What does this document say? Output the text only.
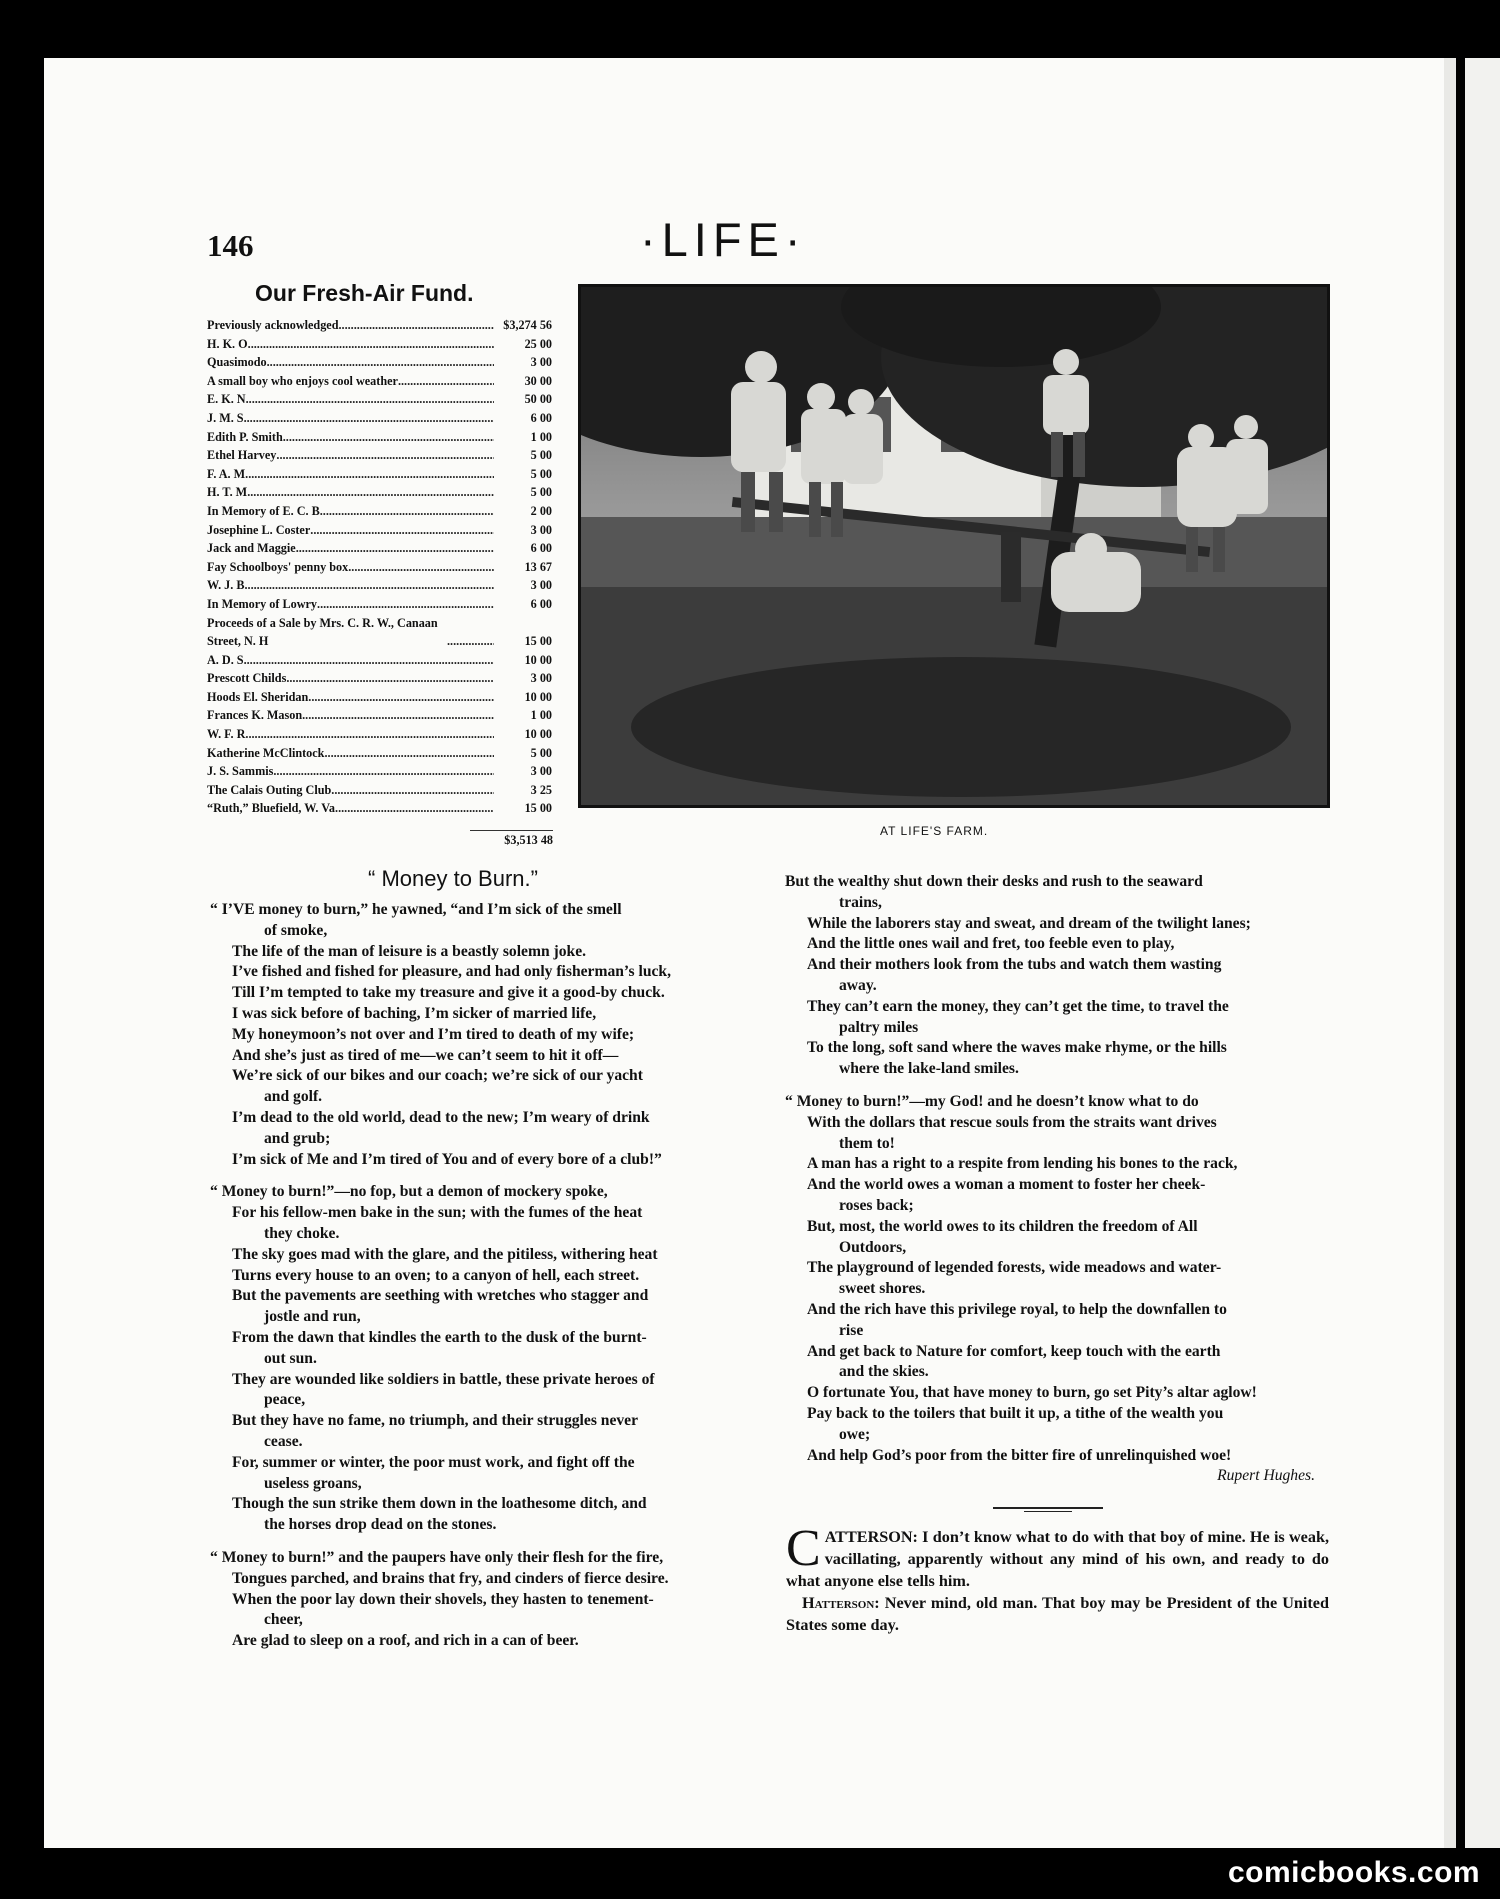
146	·LIFE·
Our Fresh-Air Fund.
Previously acknowledged .....	$3,274 56
H. K. O .....	25 00
Quasimodo .....	3 00
A small boy who enjoys cool weather .....	30 00
E. K. N .....	50 00
J. M. S .....	6 00
Edith P. Smith .....	1 00
Ethel Harvey .....	5 00
F. A. M .....	5 00
H. T. M .....	5 00
In Memory of E. C. B .....	2 00
Josephine L. Coster .....	3 00
Jack and Maggie .....	6 00
Fay Schoolboys' penny box .....	13 67
W. J. B .....	3 00
In Memory of Lowry .....	6 00
Proceeds of a Sale by Mrs. C. R. W., Canaan Street, N. H .....	15 00
A. D. S .....	10 00
Prescott Childs .....	3 00
Hoods El. Sheridan .....	10 00
Frances K. Mason .....	1 00
W. F. R .....	10 00
Katherine McClintock .....	5 00
J. S. Sammis .....	3 00
The Calais Outing Club .....	3 25
“Ruth,” Bluefield, W. Va .....	15 00
$3,513 48
AT LIFE'S FARM.
“ Money to Burn.”
“ I’VE money to burn,” he yawned, “and I’m sick of the smell
of smoke,
The life of the man of leisure is a beastly solemn joke.
I’ve fished and fished for pleasure, and had only fisherman’s luck,
Till I’m tempted to take my treasure and give it a good-by chuck.
I was sick before of baching, I’m sicker of married life,
My honeymoon’s not over and I’m tired to death of my wife;
And she’s just as tired of me—we can’t seem to hit it off—
We’re sick of our bikes and our coach; we’re sick of our yacht
and golf.
I’m dead to the old world, dead to the new; I’m weary of drink
and grub;
I’m sick of Me and I’m tired of You and of every bore of a club!”
“ Money to burn!”—no fop, but a demon of mockery spoke,
For his fellow-men bake in the sun; with the fumes of the heat
they choke.
The sky goes mad with the glare, and the pitiless, withering heat
Turns every house to an oven; to a canyon of hell, each street.
But the pavements are seething with wretches who stagger and
jostle and run,
From the dawn that kindles the earth to the dusk of the burnt-
out sun.
They are wounded like soldiers in battle, these private heroes of
peace,
But they have no fame, no triumph, and their struggles never
cease.
For, summer or winter, the poor must work, and fight off the
useless groans,
Though the sun strike them down in the loathesome ditch, and
the horses drop dead on the stones.
“ Money to burn!” and the paupers have only their flesh for the fire,
Tongues parched, and brains that fry, and cinders of fierce desire.
When the poor lay down their shovels, they hasten to tenement-
cheer,
Are glad to sleep on a roof, and rich in a can of beer.
But the wealthy shut down their desks and rush to the seaward
trains,
While the laborers stay and sweat, and dream of the twilight lanes;
And the little ones wail and fret, too feeble even to play,
And their mothers look from the tubs and watch them wasting
away.
They can’t earn the money, they can’t get the time, to travel the
paltry miles
To the long, soft sand where the waves make rhyme, or the hills
where the lake-land smiles.
“ Money to burn!”—my God! and he doesn’t know what to do
With the dollars that rescue souls from the straits want drives
them to!
A man has a right to a respite from lending his bones to the rack,
And the world owes a woman a moment to foster her cheek-
roses back;
But, most, the world owes to its children the freedom of All
Outdoors,
The playground of legended forests, wide meadows and water-
sweet shores.
And the rich have this privilege royal, to help the downfallen to
rise
And get back to Nature for comfort, keep touch with the earth
and the skies.
O fortunate You, that have money to burn, go set Pity’s altar aglow!
Pay back to the toilers that built it up, a tithe of the wealth you
owe;
And help God’s poor from the bitter fire of unrelinquished woe!
Rupert Hughes.

CATTERSON: I don’t know what to do with that boy of mine. He is weak, vacillating, apparently without any mind of his own, and ready to do what anyone else tells him.

Hatterson: Never mind, old man. That boy may be President of the United States some day.

comicbooks.com
